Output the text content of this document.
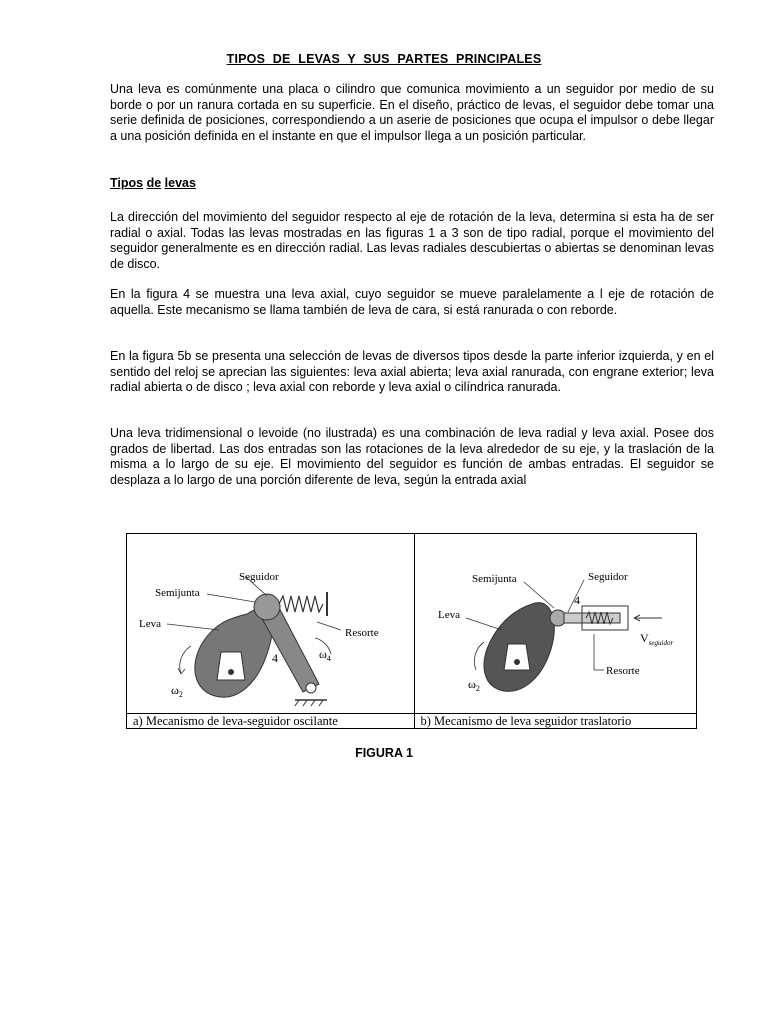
TIPOS DE LEVAS Y SUS PARTES PRINCIPALES

Una leva es comúnmente una placa o cilindro que comunica movimiento a un seguidor por medio de su borde o por un ranura cortada en su superficie. En el diseño, práctico de levas, el seguidor debe tomar una serie definida de posiciones, correspondiendo a un aserie de posiciones que ocupa el impulsor o debe llegar a una posición definida en el instante en que el impulsor llega a un posición particular.

Tipos de levas

La dirección del movimiento del seguidor respecto al eje de rotación de la leva, determina si esta ha de ser radial o axial. Todas las levas mostradas en las figuras 1 a 3 son de tipo radial, porque el movimiento del seguidor generalmente es en dirección radial. Las levas radiales descubiertas o abiertas se denominan levas de disco.

En la figura 4 se muestra una leva axial, cuyo seguidor se mueve paralelamente a l eje de rotación de aquella. Este mecanismo se llama también de leva de cara, si está ranurada o con reborde.

En la figura 5b se presenta una selección de levas de diversos tipos desde la parte inferior izquierda, y en el sentido del reloj se aprecian las siguientes: leva axial abierta; leva axial ranurada, con engrane exterior; leva radial abierta o de disco ; leva axial con reborde y leva axial o cilíndrica ranurada.

Una leva tridimensional o levoide (no ilustrada) es una combinación de leva radial y leva axial. Posee dos grados de libertad. Las dos entradas son las rotaciones de la leva alrededor de su eje, y la traslación de la misma a lo largo de su eje. El movimiento del seguidor es función de ambas entradas. El seguidor se desplaza a lo largo de una porción diferente de leva, según la entrada axial

Seguidor
Semijunta
Leva
Resorte
4	$\omega_4$
$\omega_2$
Semijunta	Seguidor
Leva
4
$V_{seguidor}$
Resorte
$\omega_2$
a) Mecanismo de leva-seguidor oscilante	b) Mecanismo de leva seguidor traslatorio
FIGURA 1
